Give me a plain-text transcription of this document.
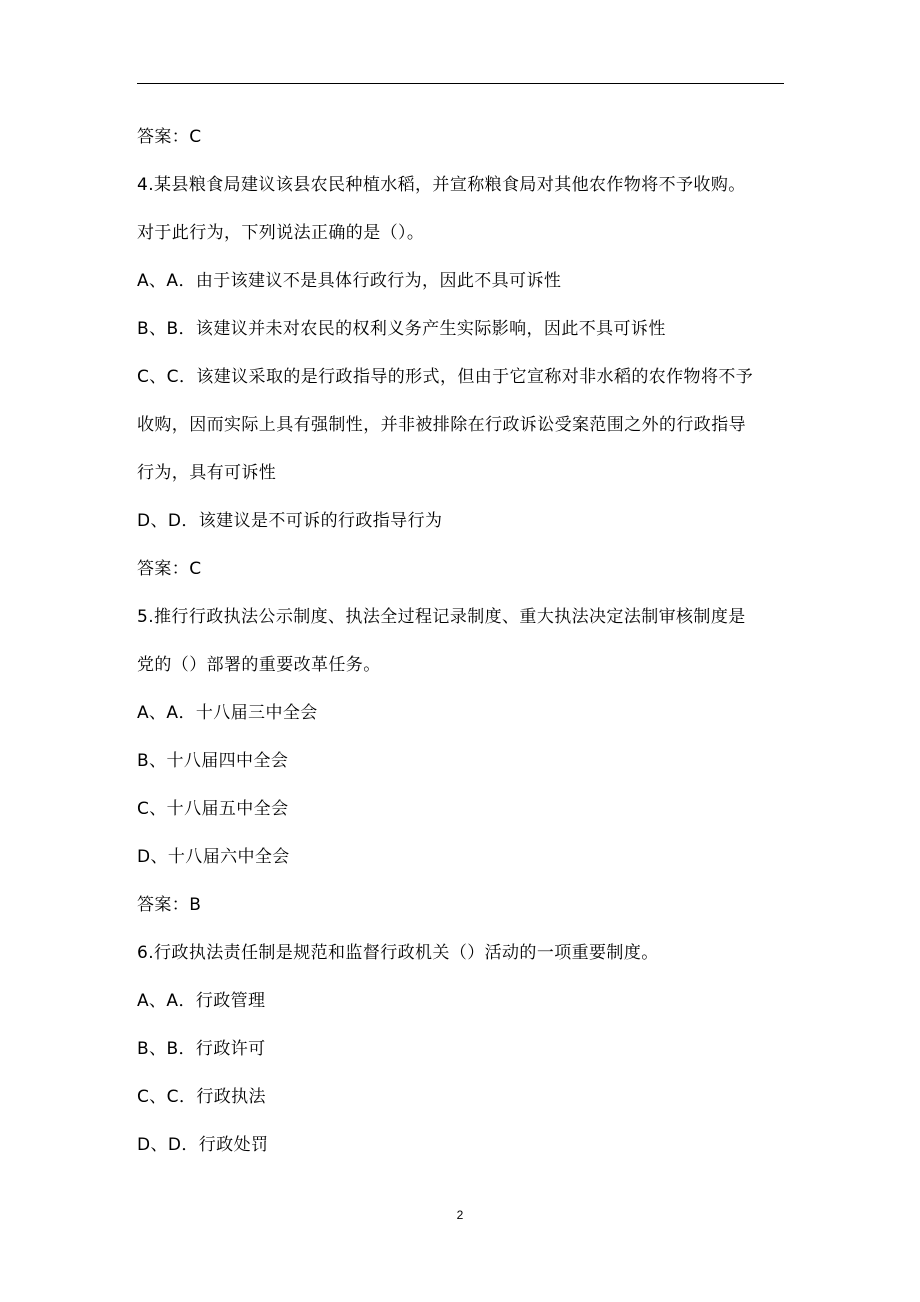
答案：C
4.某县粮食局建议该县农民种植水稻，并宣称粮食局对其他农作物将不予收购。
对于此行为，下列说法正确的是（）。
A、A．由于该建议不是具体行政行为，因此不具可诉性
B、B．该建议并未对农民的权利义务产生实际影响，因此不具可诉性
C、C．该建议采取的是行政指导的形式，但由于它宣称对非水稻的农作物将不予
收购，因而实际上具有强制性，并非被排除在行政诉讼受案范围之外的行政指导
行为，具有可诉性
D、D．该建议是不可诉的行政指导行为
答案：C
5.推行行政执法公示制度、执法全过程记录制度、重大执法决定法制审核制度是
党的（）部署的重要改革任务。
A、A．十八届三中全会
B、十八届四中全会
C、十八届五中全会
D、十八届六中全会
答案：B
6.行政执法责任制是规范和监督行政机关（）活动的一项重要制度。
A、A．行政管理
B、B．行政许可
C、C．行政执法
D、D．行政处罚
2
